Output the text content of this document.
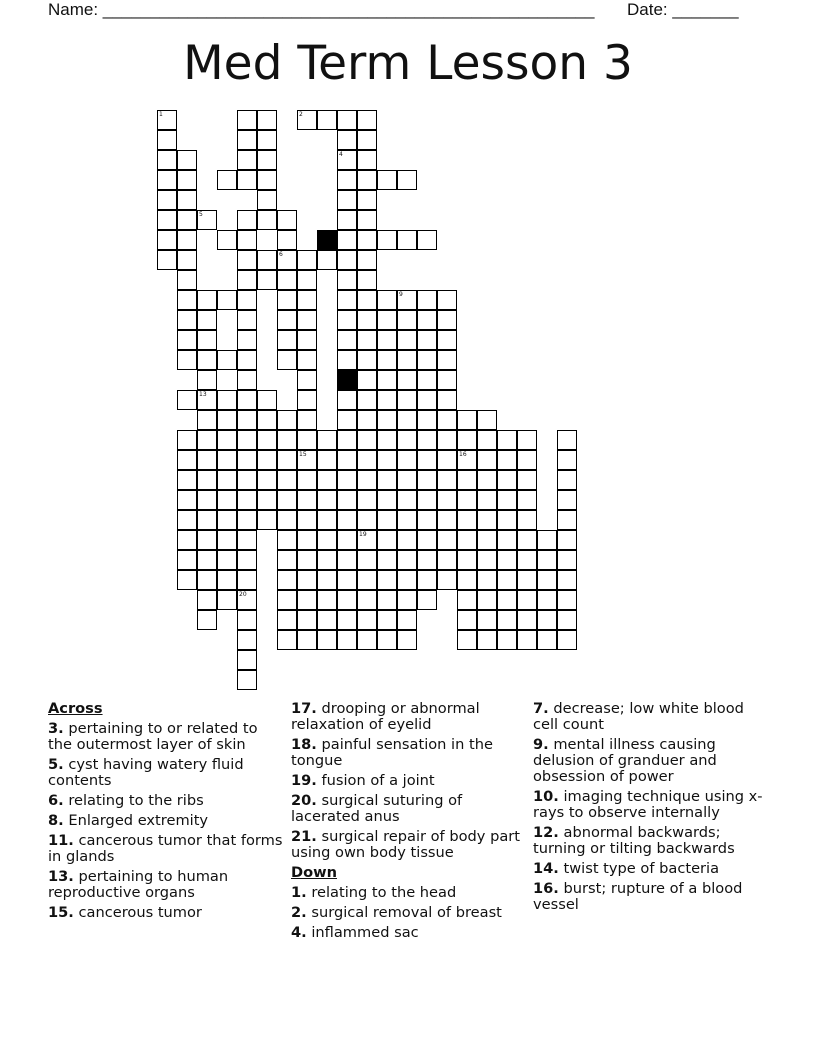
Name: ____________________________________________________ Date: _______
Med Term Lesson 3
1
5
13
20
6
2
15
4
19
9
16
Across
3. pertaining to or related to the outermost layer of skin
5. cyst having watery fluid contents
6. relating to the ribs
8. Enlarged extremity
11. cancerous tumor that forms in glands
13. pertaining to human reproductive organs
15. cancerous tumor
17. drooping or abnormal relaxation of eyelid
18. painful sensation in the tongue
19. fusion of a joint
20. surgical suturing of lacerated anus
21. surgical repair of body part using own body tissue
Down
1. relating to the head
2. surgical removal of breast
4. inflammed sac
7. decrease; low white blood cell count
9. mental illness causing delusion of granduer and obsession of power
10. imaging technique using x-rays to observe internally
12. abnormal backwards; turning or tilting backwards
14. twist type of bacteria
16. burst; rupture of a blood vessel
